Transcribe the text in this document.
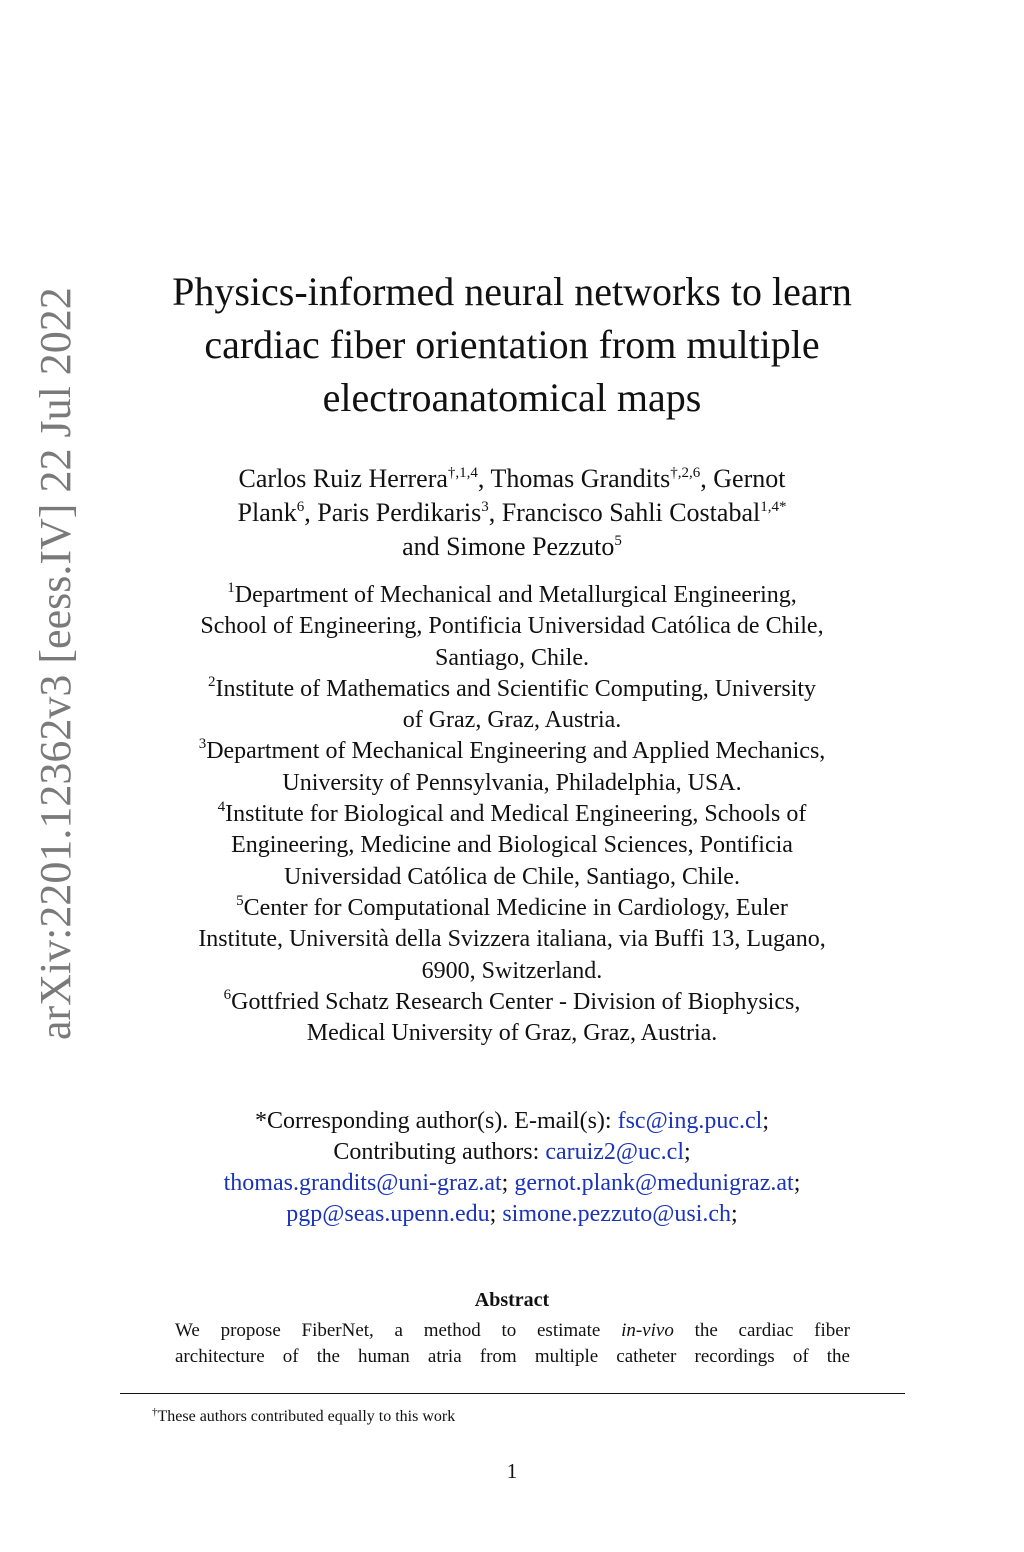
arXiv:2201.12362v3 [eess.IV] 22 Jul 2022	Physics-informed neural networks to learn
cardiac fiber orientation from multiple
electroanatomical maps
Carlos Ruiz Herrera$^{\dagger,1,4}$, Thomas Grandits$^{\dagger,2,6}$, Gernot
Plank$^6$, Paris Perdikaris$^3$, Francisco Sahli Costabal$^{1,4*}$
and Simone Pezzuto$^5$
$^1$Department of Mechanical and Metallurgical Engineering,
School of Engineering, Pontificia Universidad Católica de Chile,
Santiago, Chile.
$^2$Institute of Mathematics and Scientific Computing, University
of Graz, Graz, Austria.
$^3$Department of Mechanical Engineering and Applied Mechanics,
University of Pennsylvania, Philadelphia, USA.
$^4$Institute for Biological and Medical Engineering, Schools of
Engineering, Medicine and Biological Sciences, Pontificia
Universidad Católica de Chile, Santiago, Chile.
$^5$Center for Computational Medicine in Cardiology, Euler
Institute, Università della Svizzera italiana, via Buffi 13, Lugano,
6900, Switzerland.
$^6$Gottfried Schatz Research Center - Division of Biophysics,
Medical University of Graz, Graz, Austria.
*Corresponding author(s). E-mail(s): fsc@ing.puc.cl;
Contributing authors: caruiz2@uc.cl;
thomas.grandits@uni-graz.at; gernot.plank@medunigraz.at;
pgp@seas.upenn.edu; simone.pezzuto@usi.ch;
Abstract
We propose FiberNet, a method to estimate in-vivo the cardiac fiber
architecture of the human atria from multiple catheter recordings of the
†These authors contributed equally to this work
1
